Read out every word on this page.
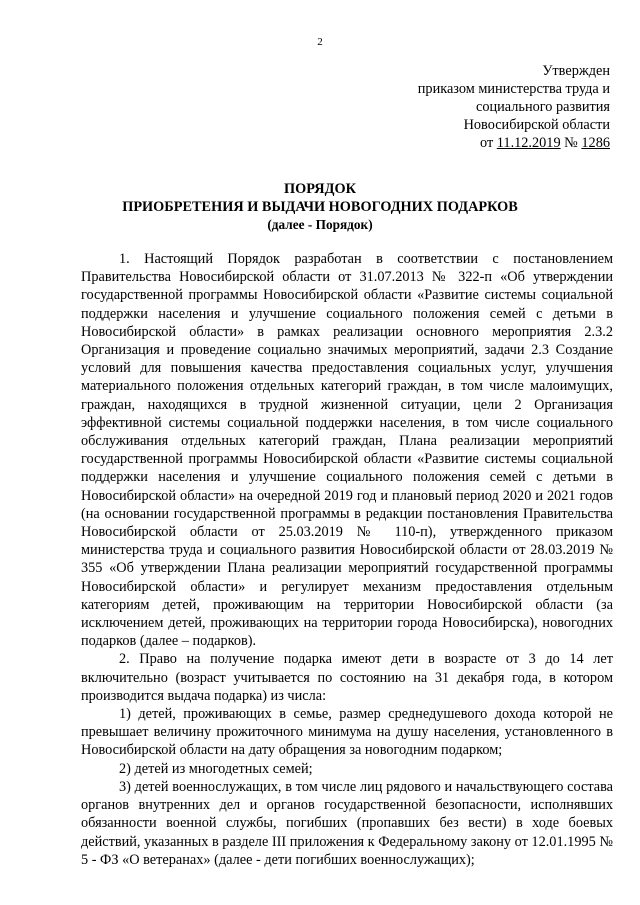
2
Утвержден
приказом министерства труда и
социального развития
Новосибирской области
от 11.12.2019 № 1286
ПОРЯДОК
ПРИОБРЕТЕНИЯ И ВЫДАЧИ НОВОГОДНИХ ПОДАРКОВ
(далее - Порядок)

1. Настоящий Порядок разработан в соответствии с постановлением Правительства Новосибирской области от 31.07.2013 № 322-п «Об утверждении государственной программы Новосибирской области «Развитие системы социальной поддержки населения и улучшение социального положения семей с детьми в Новосибирской области» в рамках реализации основного мероприятия 2.3.2 Организация и проведение социально значимых мероприятий, задачи 2.3 Создание условий для повышения качества предоставления социальных услуг, улучшения материального положения отдельных категорий граждан, в том числе малоимущих, граждан, находящихся в трудной жизненной ситуации, цели 2 Организация эффективной системы социальной поддержки населения, в том числе социального обслуживания отдельных категорий граждан, Плана реализации мероприятий государственной программы Новосибирской области «Развитие системы социальной поддержки населения и улучшение социального положения семей с детьми в Новосибирской области» на очередной 2019 год и плановый период 2020 и 2021 годов (на основании государственной программы в редакции постановления Правительства Новосибирской области от 25.03.2019 № 110-п), утвержденного приказом министерства труда и социального развития Новосибирской области от 28.03.2019 № 355 «Об утверждении Плана реализации мероприятий государственной программы Новосибирской области» и регулирует механизм предоставления отдельным категориям детей, проживающим на территории Новосибирской области (за исключением детей, проживающих на территории города Новосибирска), новогодних подарков (далее – подарков).

2. Право на получение подарка имеют дети в возрасте от 3 до 14 лет включительно (возраст учитывается по состоянию на 31 декабря года, в котором производится выдача подарка) из числа:

1) детей, проживающих в семье, размер среднедушевого дохода которой не превышает величину прожиточного минимума на душу населения, установленного в Новосибирской области на дату обращения за новогодним подарком;

2) детей из многодетных семей;

3) детей военнослужащих, в том числе лиц рядового и начальствующего состава органов внутренних дел и органов государственной безопасности, исполнявших обязанности военной службы, погибших (пропавших без вести) в ходе боевых действий, указанных в разделе III приложения к Федеральному закону от 12.01.1995 № 5 - ФЗ «О ветеранах» (далее - дети погибших военнослужащих);
